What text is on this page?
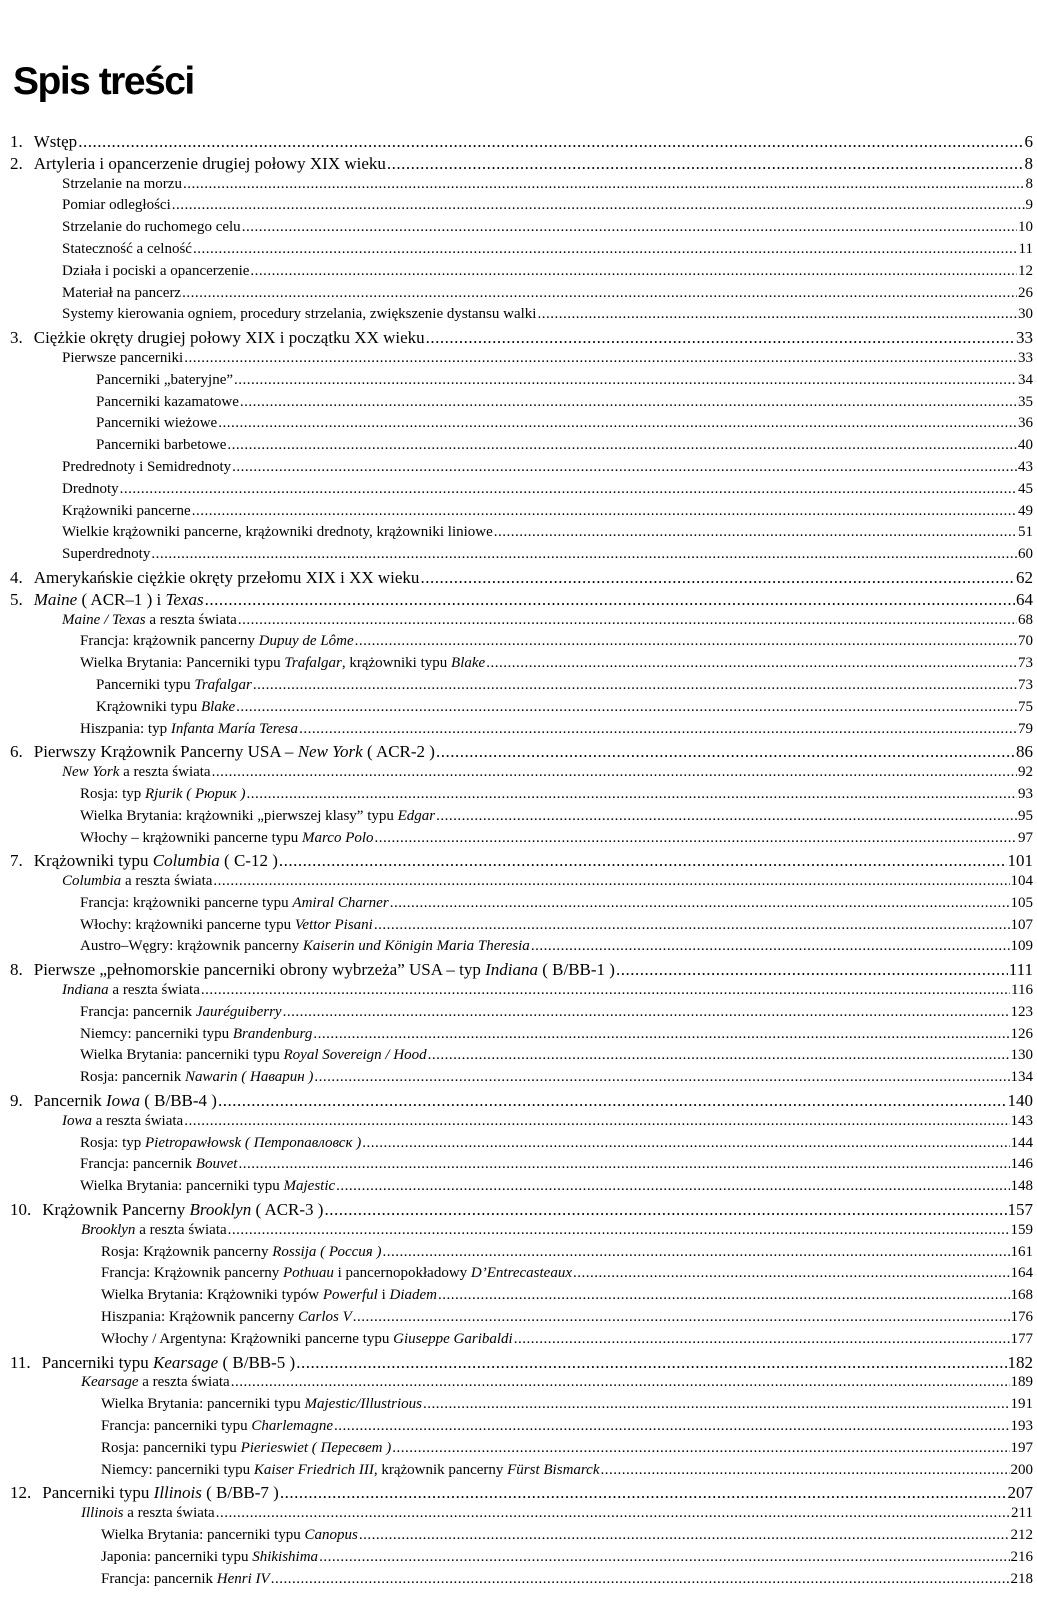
Spis treści
1. Wstęp .....	6
2. Artyleria i opancerzenie drugiej połowy XIX wieku .....	8
Strzelanie na morzu .....	8
Pomiar odległości .....	9
Strzelanie do ruchomego celu .....	10
Stateczność a celność .....	11
Działa i pociski a opancerzenie .....	12
Materiał na pancerz .....	26
Systemy kierowania ogniem, procedury strzelania, zwiększenie dystansu walki .....	30
3. Ciężkie okręty drugiej połowy XIX i początku XX wieku .....	33
Pierwsze pancerniki .....	33
Pancerniki „bateryjne” .....	34
Pancerniki kazamatowe .....	35
Pancerniki wieżowe .....	36
Pancerniki barbetowe .....	40
Predrednoty i Semidrednoty .....	43
Drednoty .....	45
Krążowniki pancerne .....	49
Wielkie krążowniki pancerne, krążowniki drednoty, krążowniki liniowe .....	51
Superdrednoty .....	60
4. Amerykańskie ciężkie okręty przełomu XIX i XX wieku .....	62
5. Maine ( ACR–1 ) i Texas .....	64
Maine / Texas a reszta świata .....	68
Francja: krążownik pancerny Dupuy de Lôme .....	70
Wielka Brytania: Pancerniki typu Trafalgar, krążowniki typu Blake .....	73
Pancerniki typu Trafalgar .....	73
Krążowniki typu Blake .....	75
Hiszpania: typ Infanta María Teresa .....	79
6. Pierwszy Krążownik Pancerny USA – New York ( ACR-2 ) .....	86
New York a reszta świata .....	92
Rosja: typ Rjurik ( Рюрик ) .....	93
Wielka Brytania: krążowniki „pierwszej klasy” typu Edgar .....	95
Włochy – krążowniki pancerne typu Marco Polo .....	97
7. Krążowniki typu Columbia ( C-12 ) .....	101
Columbia a reszta świata .....	104
Francja: krążowniki pancerne typu Amiral Charner .....	105
Włochy: krążowniki pancerne typu Vettor Pisani .....	107
Austro–Węgry: krążownik pancerny Kaiserin und Königin Maria Theresia .....	109
8. Pierwsze „pełnomorskie pancerniki obrony wybrzeża” USA – typ Indiana ( B/BB-1 ) .....	111
Indiana a reszta świata .....	116
Francja: pancernik Jauréguiberry .....	123
Niemcy: pancerniki typu Brandenburg .....	126
Wielka Brytania: pancerniki typu Royal Sovereign / Hood .....	130
Rosja: pancernik Nawarin ( Наварин ) .....	134
9. Pancernik Iowa ( B/BB-4 ) .....	140
Iowa a reszta świata .....	143
Rosja: typ Pietropawłowsk ( Петропавловск ) .....	144
Francja: pancernik Bouvet .....	146
Wielka Brytania: pancerniki typu Majestic .....	148
10. Krążownik Pancerny Brooklyn ( ACR-3 ) .....	157
Brooklyn a reszta świata .....	159
Rosja: Krążownik pancerny Rossija ( Россия ) .....	161
Francja: Krążownik pancerny Pothuau i pancernopokładowy D’Entrecasteaux .....	164
Wielka Brytania: Krążowniki typów Powerful i Diadem .....	168
Hiszpania: Krążownik pancerny Carlos V .....	176
Włochy / Argentyna: Krążowniki pancerne typu Giuseppe Garibaldi .....	177
11. Pancerniki typu Kearsage ( B/BB-5 ) .....	182
Kearsage a reszta świata .....	189
Wielka Brytania: pancerniki typu Majestic/Illustrious .....	191
Francja: pancerniki typu Charlemagne .....	193
Rosja: pancerniki typu Pierieswiet ( Пересвет ) .....	197
Niemcy: pancerniki typu Kaiser Friedrich III, krążownik pancerny Fürst Bismarck .....	200
12. Pancerniki typu Illinois ( B/BB-7 ) .....	207
Illinois a reszta świata .....	211
Wielka Brytania: pancerniki typu Canopus .....	212
Japonia: pancerniki typu Shikishima .....	216
Francja: pancernik Henri IV .....	218
